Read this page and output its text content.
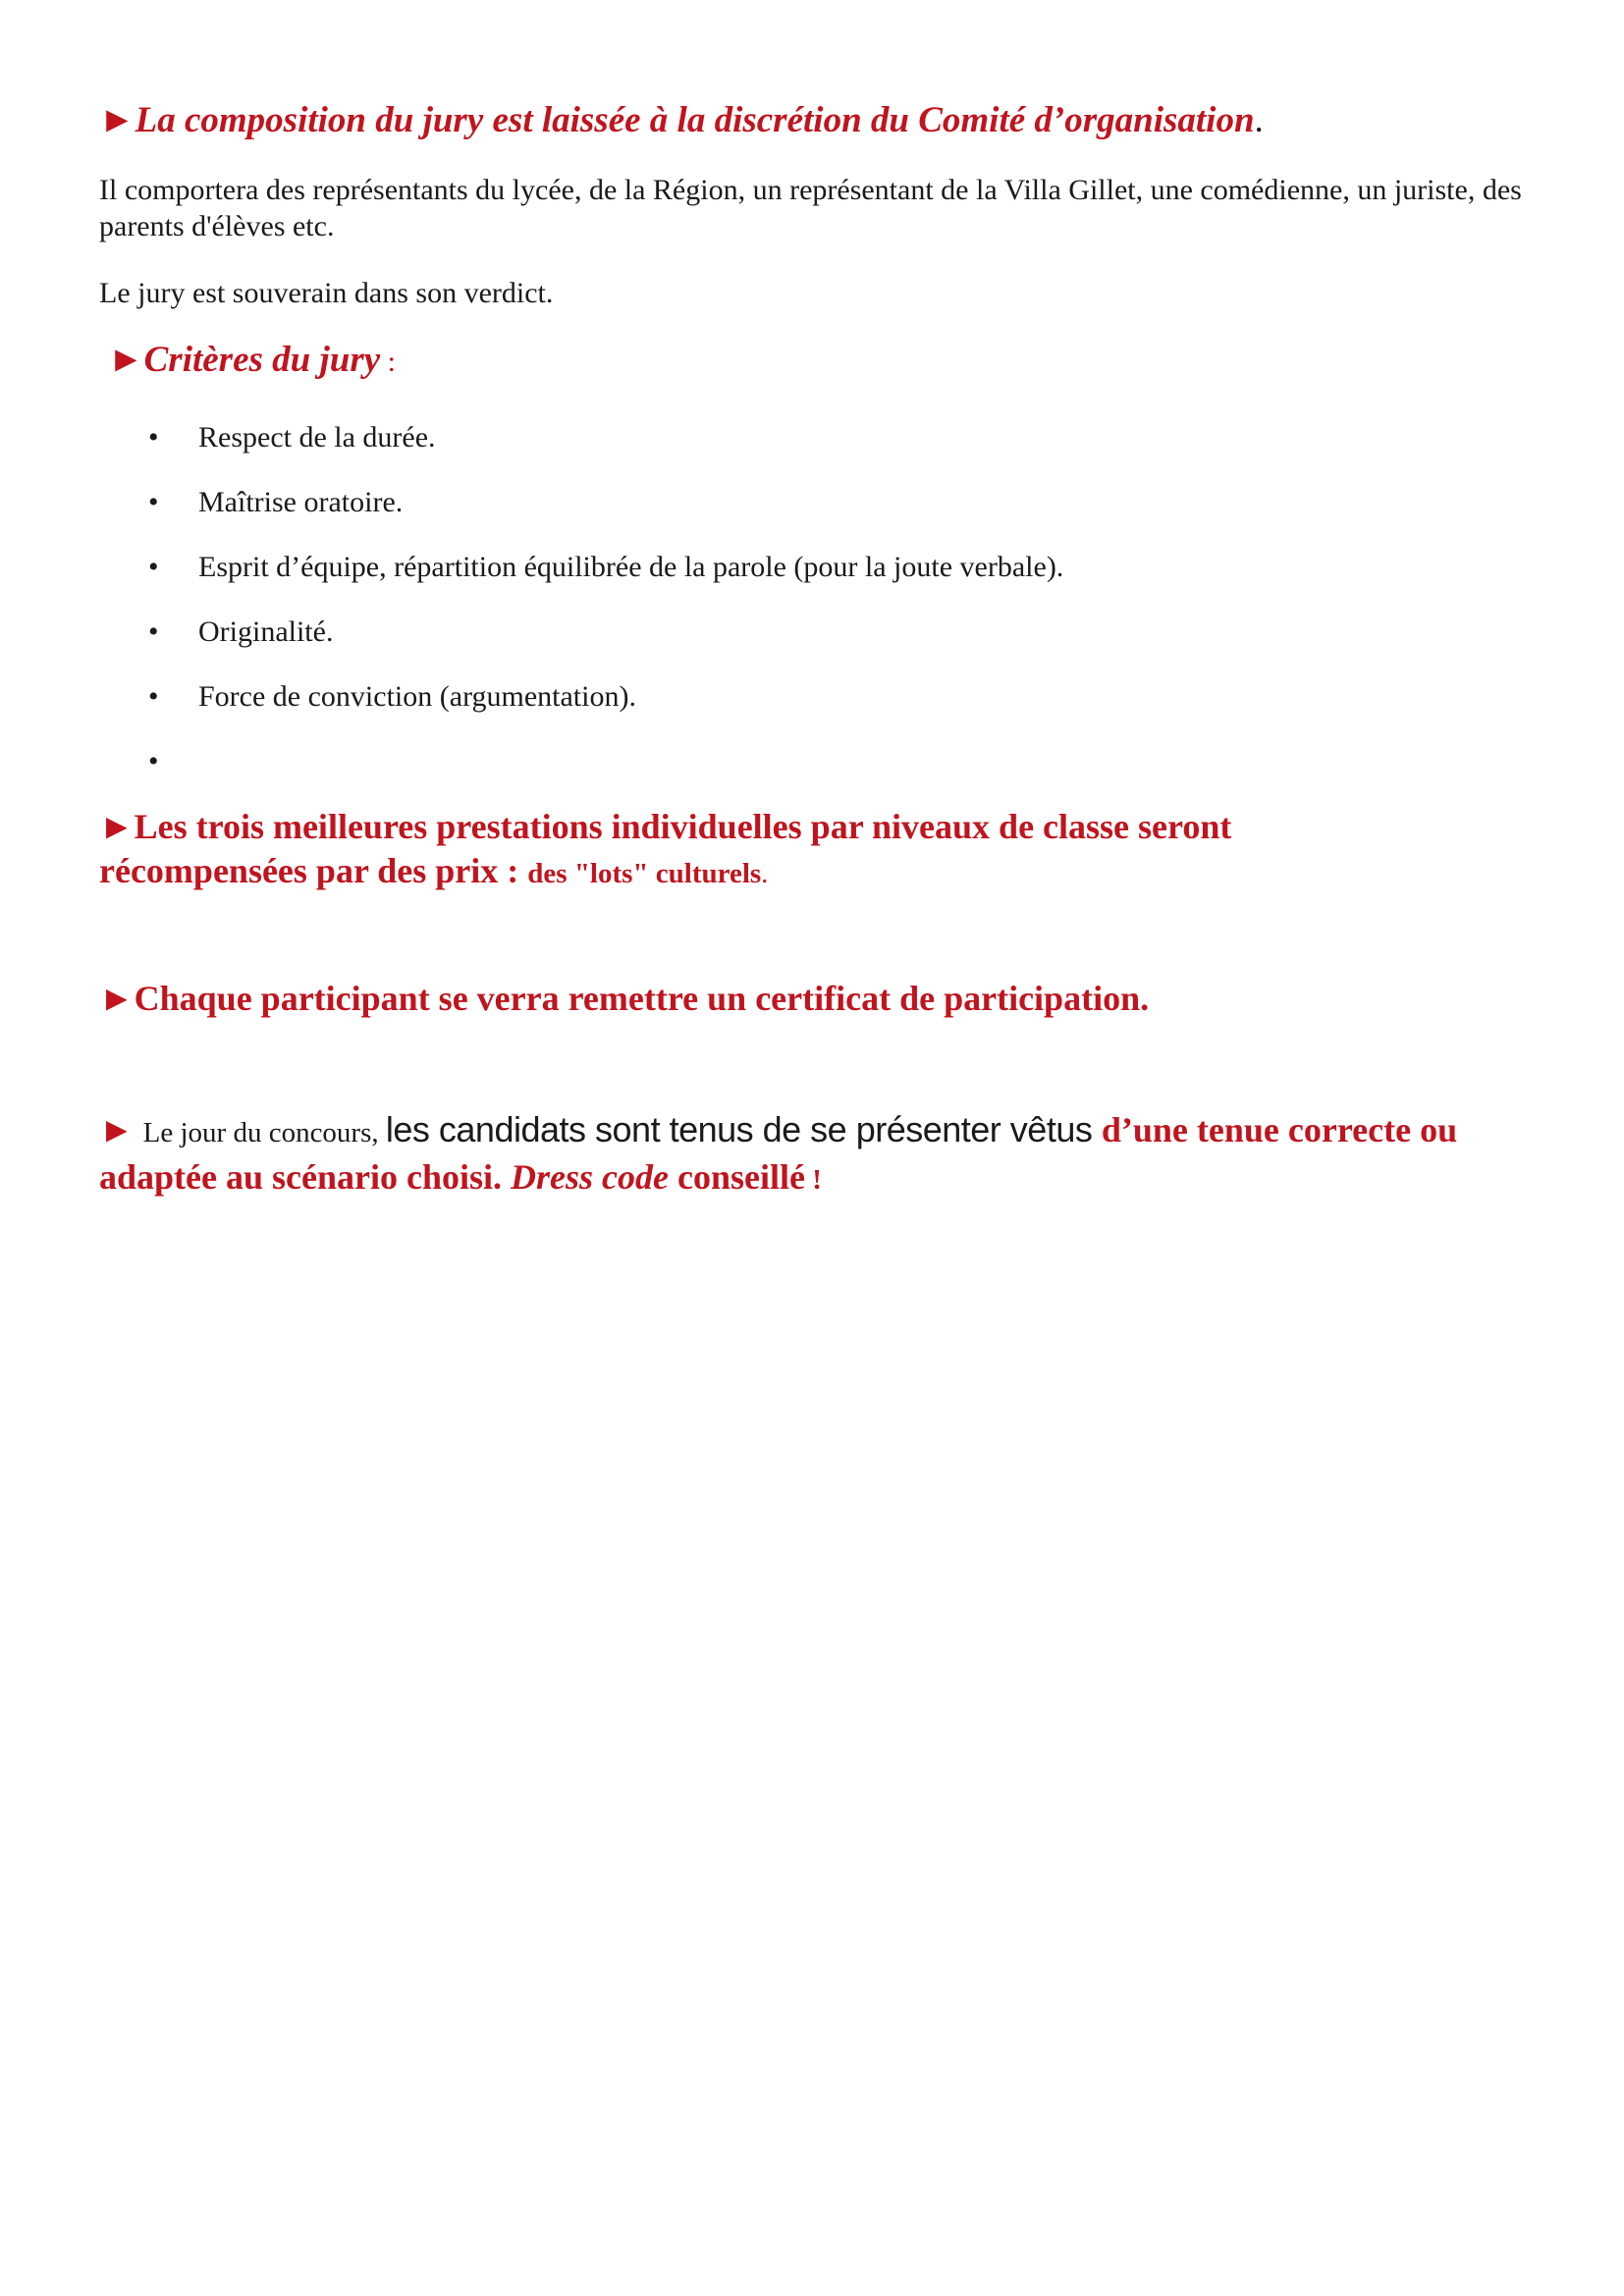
►La composition du jury est laissée à la discrétion du Comité d’organisation.
Il comportera des représentants du lycée, de la Région, un représentant de la Villa Gillet, une comédienne, un juriste, des parents d'élèves etc.
Le jury est souverain dans son verdict.
►Critères du jury :
• Respect de la durée.
• Maîtrise oratoire.
• Esprit d’équipe, répartition équilibrée de la parole (pour la joute verbale).
• Originalité.
• Force de conviction (argumentation).
•
►Les trois meilleures prestations individuelles par niveaux de classe seront récompensées par des prix : des "lots" culturels.
►Chaque participant se verra remettre un certificat de participation.
► Le jour du concours, les candidats sont tenus de se présenter vêtus d’une tenue correcte ou adaptée au scénario choisi. Dress code conseillé !
